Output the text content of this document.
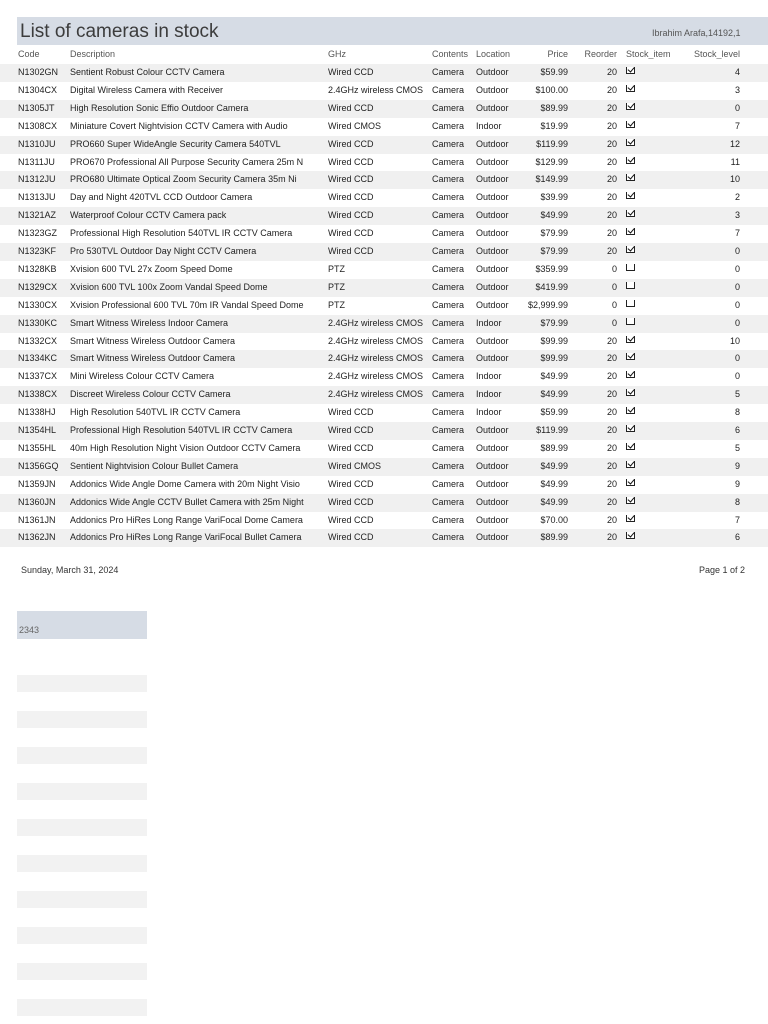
List of cameras in stock	Ibrahim Arafa,14192,1
Code	Description	GHz	Contents Location	Price	Reorder Stock_item	Stock_level
N1302GN	Sentient Robust Colour CCTV Camera	Wired CCD	Camera	Outdoor	$59.99	20	4
N1304CX	Digital Wireless Camera with Receiver	2.4GHz wireless CMOS Camera	Outdoor	$100.00	20	3
N1305JT	High Resolution Sonic Effio Outdoor Camera	Wired CCD	Camera	Outdoor	$89.99	20	0
N1308CX	Miniature Covert Nightvision CCTV Camera with Audio	Wired CMOS	Camera	Indoor	$19.99	20	7
N1310JU	PRO660 Super WideAngle Security Camera 540TVL	Wired CCD	Camera	Outdoor	$119.99	20	12
N1311JU	PRO670 Professional All Purpose Security Camera 25m N	Wired CCD	Camera	Outdoor	$129.99	20	11
N1312JU	PRO680 Ultimate Optical Zoom Security Camera 35m Ni	Wired CCD	Camera	Outdoor	$149.99	20	10
N1313JU	Day and Night 420TVL CCD Outdoor Camera	Wired CCD	Camera	Outdoor	$39.99	20	2
N1321AZ	Waterproof Colour CCTV Camera pack	Wired CCD	Camera	Outdoor	$49.99	20	3
N1323GZ	Professional High Resolution 540TVL IR CCTV Camera	Wired CCD	Camera	Outdoor	$79.99	20	7
N1323KF	Pro 530TVL Outdoor Day Night CCTV Camera	Wired CCD	Camera	Outdoor	$79.99	20	0
N1328KB	Xvision 600 TVL 27x Zoom Speed Dome	PTZ	Camera	Outdoor	$359.99	0	0
N1329CX	Xvision 600 TVL 100x Zoom Vandal Speed Dome	PTZ	Camera	Outdoor	$419.99	0	0
N1330CX	Xvision Professional 600 TVL 70m IR Vandal Speed Dome	PTZ	Camera	Outdoor	$2,999.99	0	0
N1330KC	Smart Witness Wireless Indoor Camera	2.4GHz wireless CMOS Camera	Indoor	$79.99	0	0
N1332CX	Smart Witness Wireless Outdoor Camera	2.4GHz wireless CMOS Camera	Outdoor	$99.99	20	10
N1334KC	Smart Witness Wireless Outdoor Camera	2.4GHz wireless CMOS Camera	Outdoor	$99.99	20	0
N1337CX	Mini Wireless Colour CCTV Camera	2.4GHz wireless CMOS Camera	Indoor	$49.99	20	0
N1338CX	Discreet Wireless Colour CCTV Camera	2.4GHz wireless CMOS Camera	Indoor	$49.99	20	5
N1338HJ	High Resolution 540TVL IR CCTV Camera	Wired CCD	Camera	Indoor	$59.99	20	8
N1354HL	Professional High Resolution 540TVL IR CCTV Camera	Wired CCD	Camera	Outdoor	$119.99	20	6
N1355HL	40m High Resolution Night Vision Outdoor CCTV Camera	Wired CCD	Camera	Outdoor	$89.99	20	5
N1356GQ	Sentient Nightvision Colour Bullet Camera	Wired CMOS	Camera	Outdoor	$49.99	20	9
N1359JN	Addonics Wide Angle Dome Camera with 20m Night Visio	Wired CCD	Camera	Outdoor	$49.99	20	9
N1360JN	Addonics Wide Angle CCTV Bullet Camera with 25m Night	Wired CCD	Camera	Outdoor	$49.99	20	8
N1361JN	Addonics Pro HiRes Long Range VariFocal Dome Camera	Wired CCD	Camera	Outdoor	$70.00	20	7
N1362JN	Addonics Pro HiRes Long Range VariFocal Bullet Camera	Wired CCD	Camera	Outdoor	$89.99	20	6
Sunday, March 31, 2024	Page 1 of 2
2343
